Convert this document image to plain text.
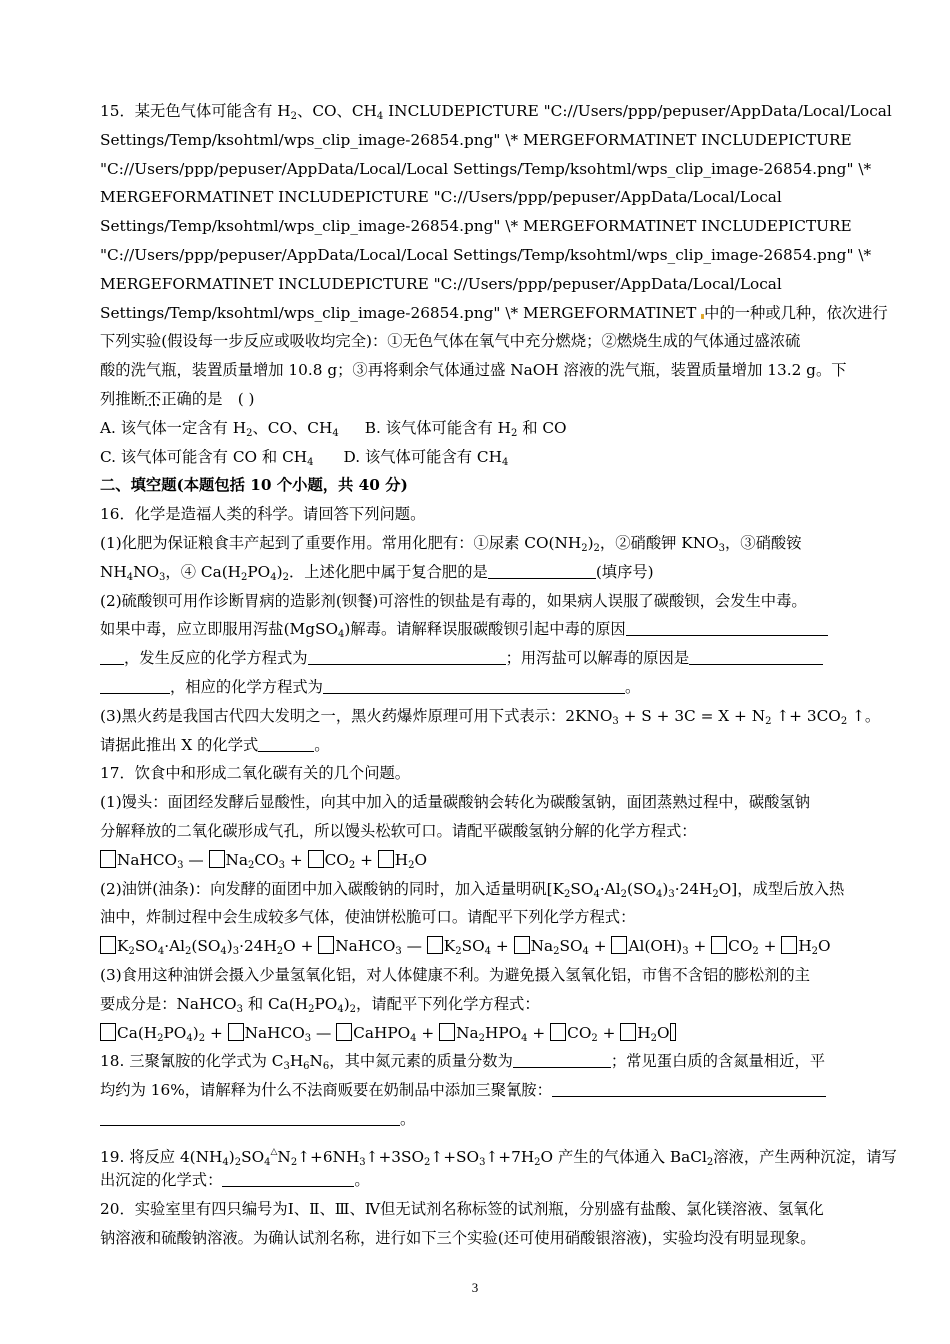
15．某无色气体可能含有 $H_2$、CO、$CH_4$ INCLUDEPICTURE "C://Users/ppp/pepuser/AppData/Local/Local
Settings/Temp/ksohtml/wps_clip_image-26854.png" \* MERGEFORMATINET INCLUDEPICTURE
"C://Users/ppp/pepuser/AppData/Local/Local Settings/Temp/ksohtml/wps_clip_image-26854.png" \*
MERGEFORMATINET INCLUDEPICTURE "C://Users/ppp/pepuser/AppData/Local/Local
Settings/Temp/ksohtml/wps_clip_image-26854.png" \* MERGEFORMATINET INCLUDEPICTURE
"C://Users/ppp/pepuser/AppData/Local/Local Settings/Temp/ksohtml/wps_clip_image-26854.png" \*
MERGEFORMATINET INCLUDEPICTURE "C://Users/ppp/pepuser/AppData/Local/Local
Settings/Temp/ksohtml/wps_clip_image-26854.png" \* MERGEFORMATINET 中的一种或几种，依次进行
下列实验(假设每一步反应或吸收均完全)：①无色气体在氧气中充分燃烧；②燃烧生成的气体通过盛浓硫
酸的洗气瓶，装置质量增加 10.8 g；③再将剩余气体通过盛 NaOH 溶液的洗气瓶，装置质量增加 13.2 g。下
列推断不正确的是　( )
A. 该气体一定含有 $H_2$、CO、$CH_4$ B. 该气体可能含有 $H_2$ 和 CO
C. 该气体可能含有 CO 和 $CH_4$ D. 该气体可能含有 $CH_4$
二、填空题(本题包括 10 个小题，共 40 分)
16．化学是造福人类的科学。请回答下列问题。
(1)化肥为保证粮食丰产起到了重要作用。常用化肥有：①尿素 $CO(NH_2)_2$，②硝酸钾 $KNO_3$，③硝酸铵
$NH_4NO_3$，④ $Ca(H_2PO_4)_2$．上述化肥中属于复合肥的是	(填序号)
(2)硫酸钡可用作诊断胃病的造影剂(钡餐)可溶性的钡盐是有毒的，如果病人误服了碳酸钡，会发生中毒。
如果中毒，应立即服用泻盐(MgSO$_4$)解毒。请解释误服碳酸钡引起中毒的原因
，发生反应的化学方程式为	；用泻盐可以解毒的原因是
，相应的化学方程式为	。
(3)黑火药是我国古代四大发明之一，黑火药爆炸原理可用下式表示：$2KNO_3 + S + 3C = X + N_2$ ↑+ $3CO_2$ ↑。
请据此推出 X 的化学式	。
17．饮食中和形成二氧化碳有关的几个问题。
(1)馒头：面团经发酵后显酸性，向其中加入的适量碳酸钠会转化为碳酸氢钠，面团蒸熟过程中，碳酸氢钠
分解释放的二氧化碳形成气孔，所以馒头松软可口。请配平碳酸氢钠分解的化学方程式：
NaHCO$_3$ — $Na_2CO_3 + CO_2 + H_2O$
(2)油饼(油条)：向发酵的面团中加入碳酸钠的同时，加入适量明矾$[K_2SO_4\cdot Al_2(SO_4)_3\cdot 24H_2O]$，成型后放入热
油中，炸制过程中会生成较多气体，使油饼松脆可口。请配平下列化学方程式：
$K_2SO_4\cdot Al_2(SO_4)_3\cdot 24H_2O$ + NaHCO$_3$ — $K_2SO_4 + Na_2SO_4 + Al(OH)_3 + CO_2 + H_2O$
(3)食用这种油饼会摄入少量氢氧化铝，对人体健康不利。为避免摄入氢氧化铝，市售不含铝的膨松剂的主
要成分是：NaHCO$_3$ 和 $Ca(H_2PO_4)_2$，请配平下列化学方程式：
$Ca(H_2PO_4)_2$ + NaHCO$_3$ — CaHPO$_4$ + $Na_2HPO_4 + CO_2 + H_2O$
18. 三聚氰胺的化学式为 $C_3H_6N_6$，其中氮元素的质量分数为	；常见蛋白质的含氮量相近，平
均约为 16%，请解释为什么不法商贩要在奶制品中添加三聚氰胺：
。
19. 将反应 $4(NH_4)_2SO_4^\triangle N_2↑+6NH_3↑+3SO_2↑+SO_3↑+7H_2O$ 产生的气体通入 BaCl$_2$溶液，产生两种沉淀，请写
出沉淀的化学式：	。
20．实验室里有四只编号为Ⅰ、Ⅱ、Ⅲ、Ⅳ但无试剂名称标签的试剂瓶，分别盛有盐酸、氯化镁溶液、氢氧化
钠溶液和硫酸钠溶液。为确认试剂名称，进行如下三个实验(还可使用硝酸银溶液)，实验均没有明显现象。
3
